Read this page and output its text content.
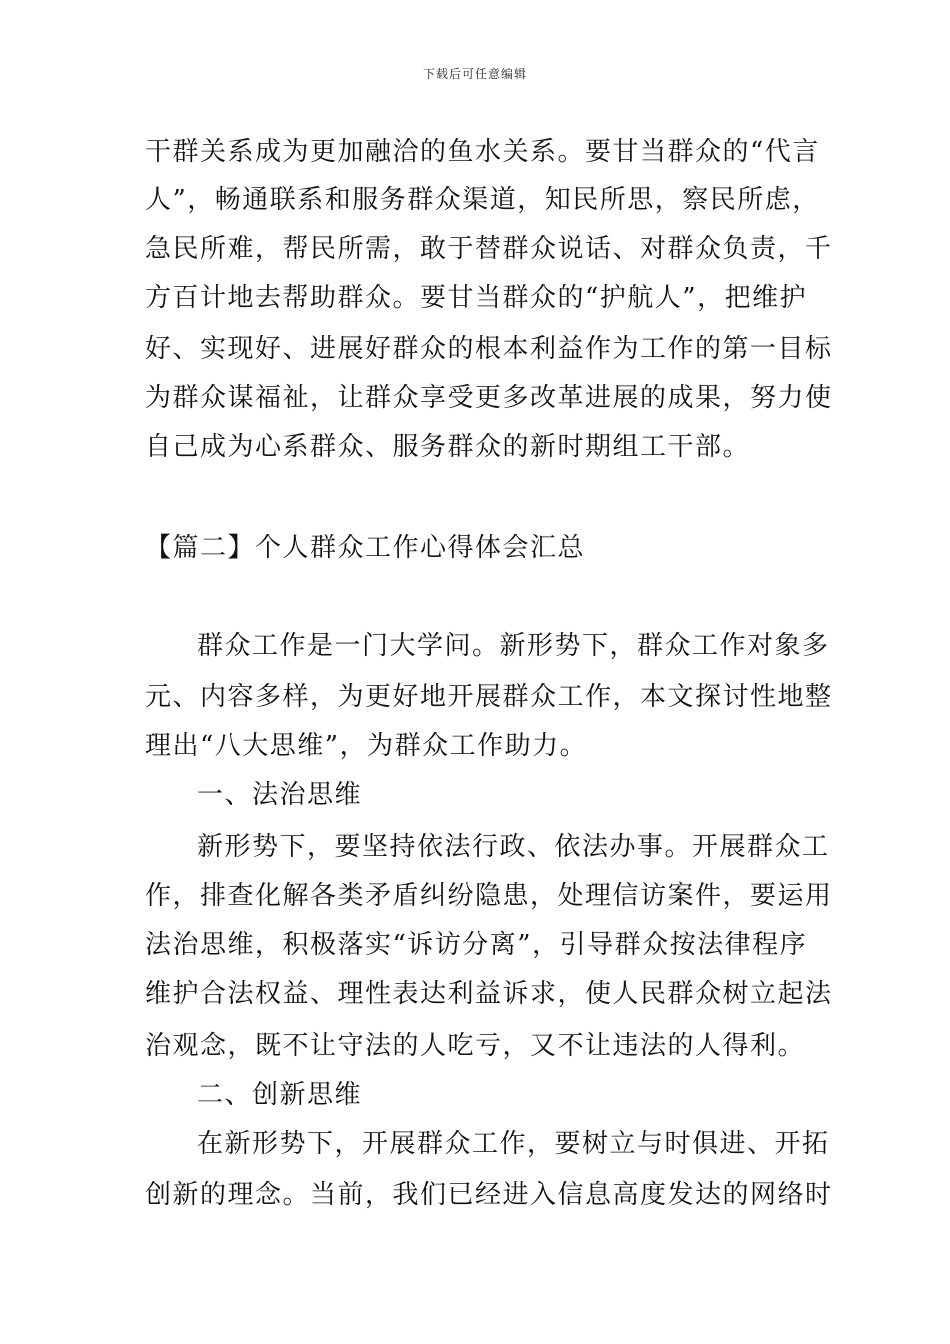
下载后可任意编辑
干群关系成为更加融洽的鱼水关系。要甘当群众的“代言
人”，畅通联系和服务群众渠道，知民所思，察民所虑，
急民所难，帮民所需，敢于替群众说话、对群众负责，千
方百计地去帮助群众。要甘当群众的“护航人”，把维护
好、实现好、进展好群众的根本利益作为工作的第一目标
为群众谋福祉，让群众享受更多改革进展的成果，努力使
自己成为心系群众、服务群众的新时期组工干部。
【篇二】个人群众工作心得体会汇总
群众工作是一门大学问。新形势下，群众工作对象多
元、内容多样，为更好地开展群众工作，本文探讨性地整
理出“八大思维”，为群众工作助力。
一、法治思维
新形势下，要坚持依法行政、依法办事。开展群众工
作，排查化解各类矛盾纠纷隐患，处理信访案件，要运用
法治思维，积极落实“诉访分离”，引导群众按法律程序
维护合法权益、理性表达利益诉求，使人民群众树立起法
治观念，既不让守法的人吃亏，又不让违法的人得利。
二、创新思维
在新形势下，开展群众工作，要树立与时俱进、开拓
创新的理念。当前，我们已经进入信息高度发达的网络时
